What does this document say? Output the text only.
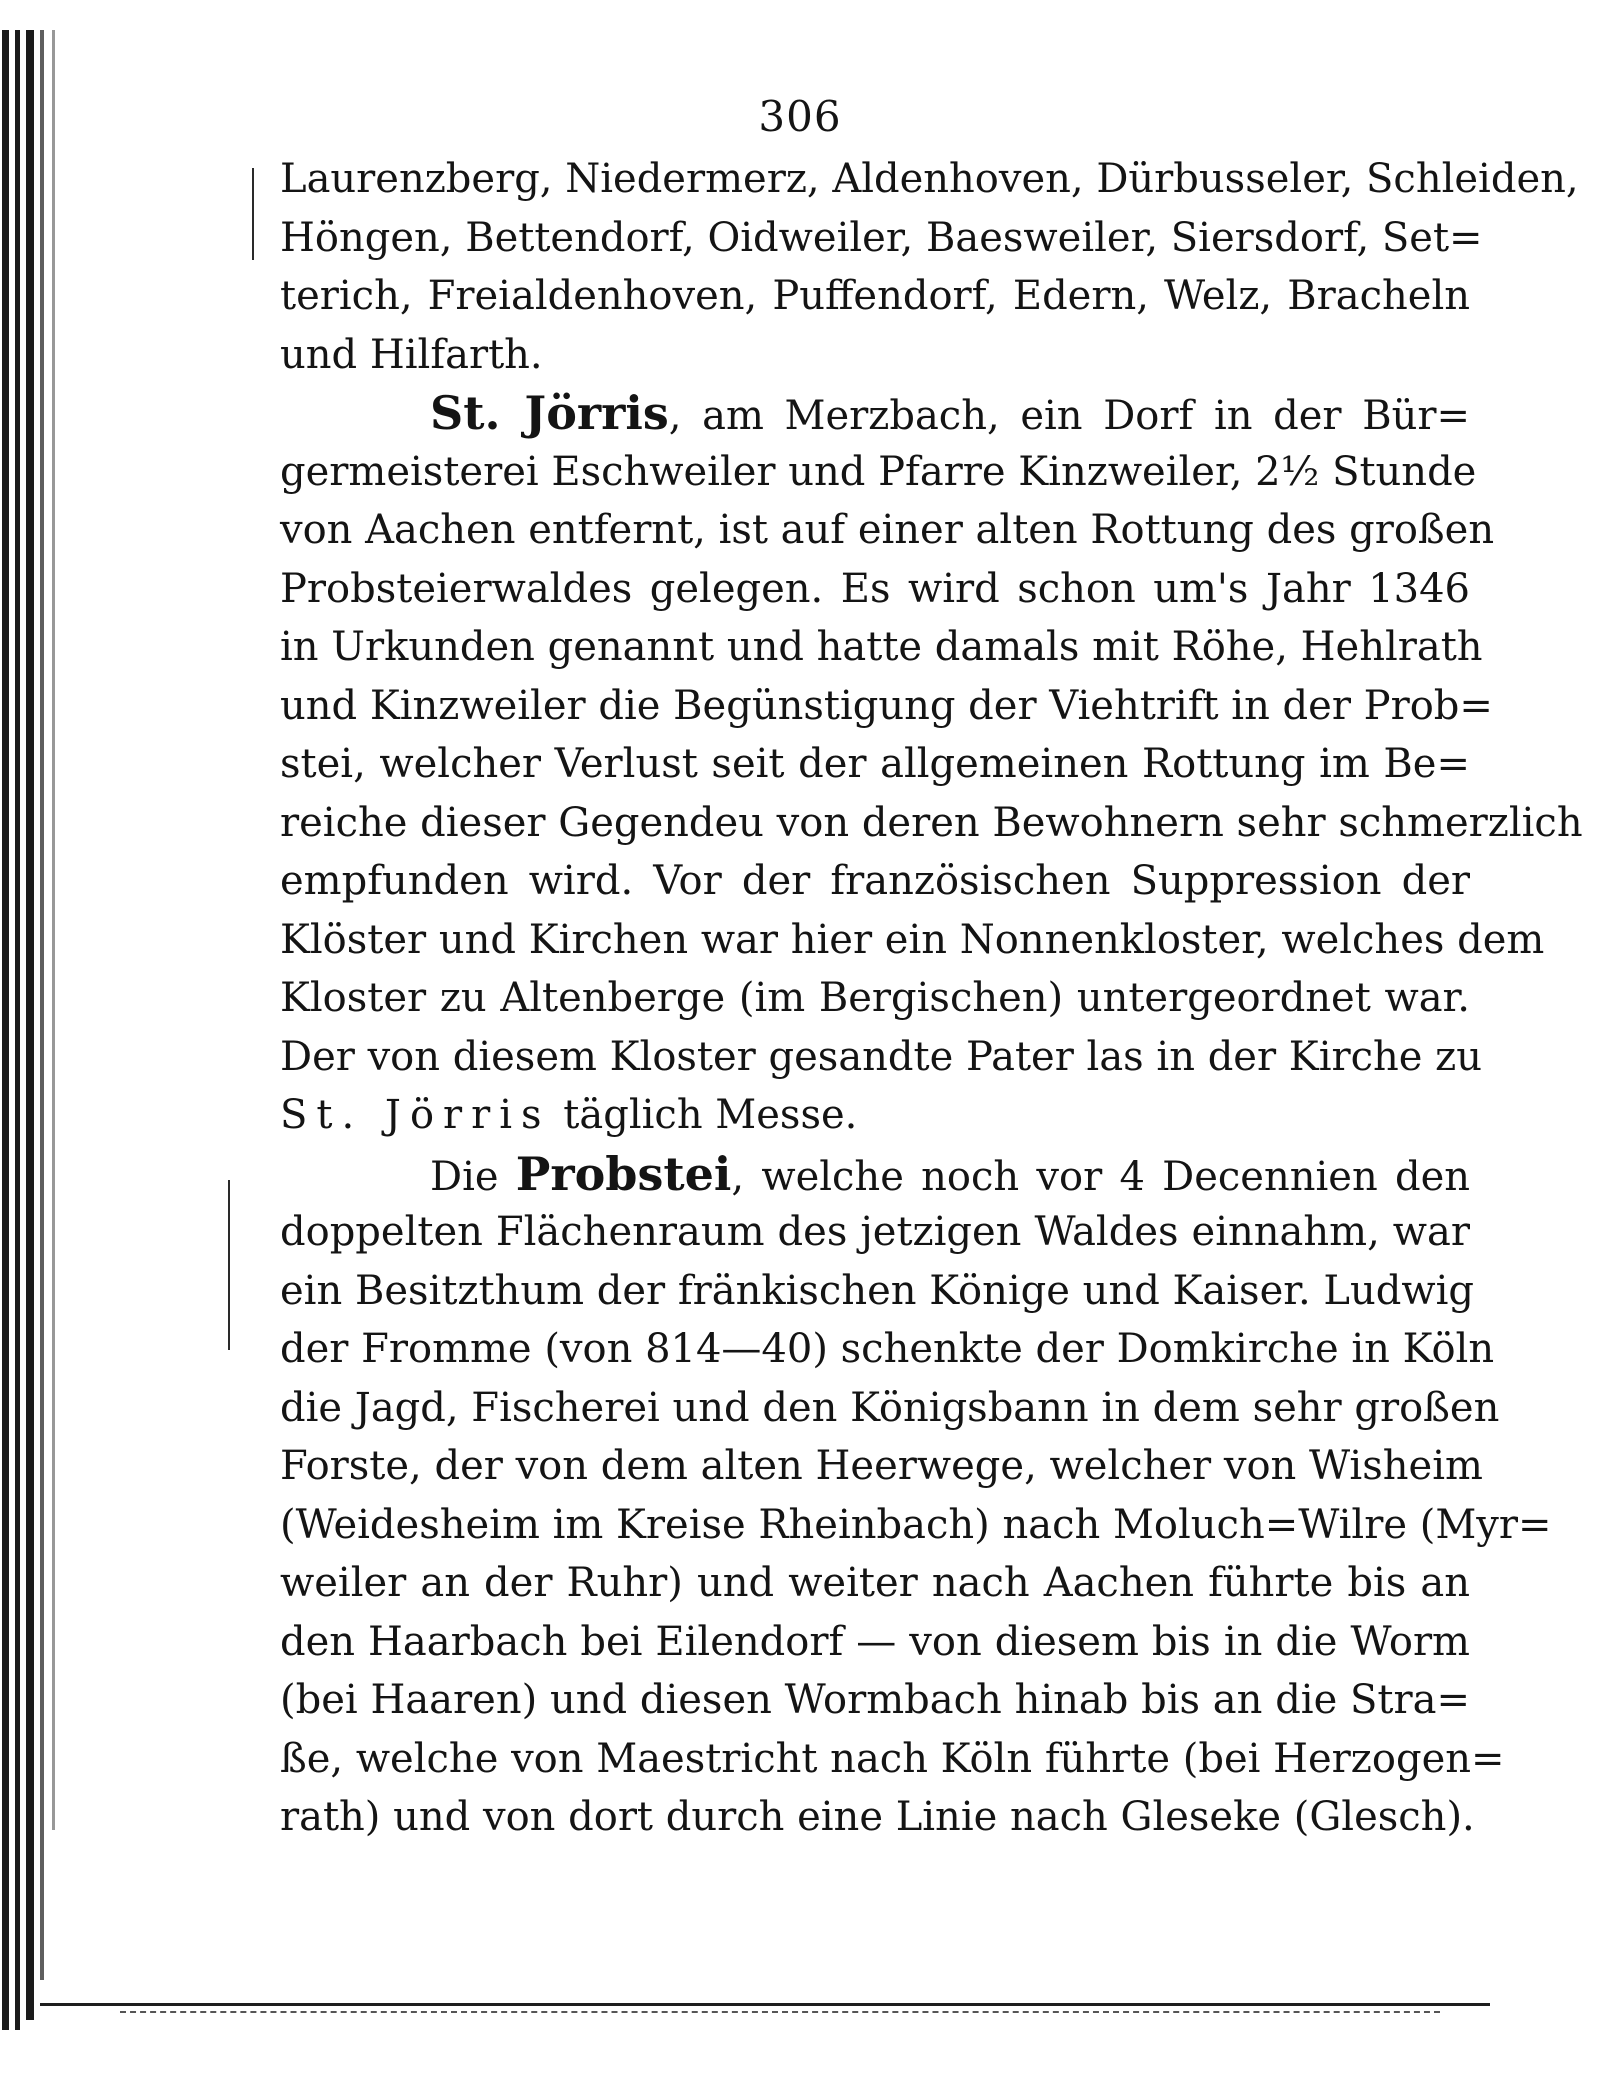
306
Laurenzberg, Niedermerz, Aldenhoven, Dürbusseler, Schleiden,
Höngen, Bettendorf, Oidweiler, Baesweiler, Siersdorf, Set=
terich, Freialdenhoven, Puffendorf, Edern, Welz, Bracheln
und Hilfarth.
St. Jörris, am Merzbach, ein Dorf in der Bür=
germeisterei Eschweiler und Pfarre Kinzweiler, 2½ Stunde
von Aachen entfernt, ist auf einer alten Rottung des großen
Probsteierwaldes gelegen. Es wird schon um's Jahr 1346
in Urkunden genannt und hatte damals mit Röhe, Hehlrath
und Kinzweiler die Begünstigung der Viehtrift in der Prob=
stei, welcher Verlust seit der allgemeinen Rottung im Be=
reiche dieser Gegendeu von deren Bewohnern sehr schmerzlich
empfunden wird. Vor der französischen Suppression der
Klöster und Kirchen war hier ein Nonnenkloster, welches dem
Kloster zu Altenberge (im Bergischen) untergeordnet war.
Der von diesem Kloster gesandte Pater las in der Kirche zu
St. Jörris täglich Messe.
Die Probstei, welche noch vor 4 Decennien den
doppelten Flächenraum des jetzigen Waldes einnahm, war
ein Besitzthum der fränkischen Könige und Kaiser. Ludwig
der Fromme (von 814—40) schenkte der Domkirche in Köln
die Jagd, Fischerei und den Königsbann in dem sehr großen
Forste, der von dem alten Heerwege, welcher von Wisheim
(Weidesheim im Kreise Rheinbach) nach Moluch=Wilre (Myr=
weiler an der Ruhr) und weiter nach Aachen führte bis an
den Haarbach bei Eilendorf — von diesem bis in die Worm
(bei Haaren) und diesen Wormbach hinab bis an die Stra=
ße, welche von Maestricht nach Köln führte (bei Herzogen=
rath) und von dort durch eine Linie nach Gleseke (Glesch).
